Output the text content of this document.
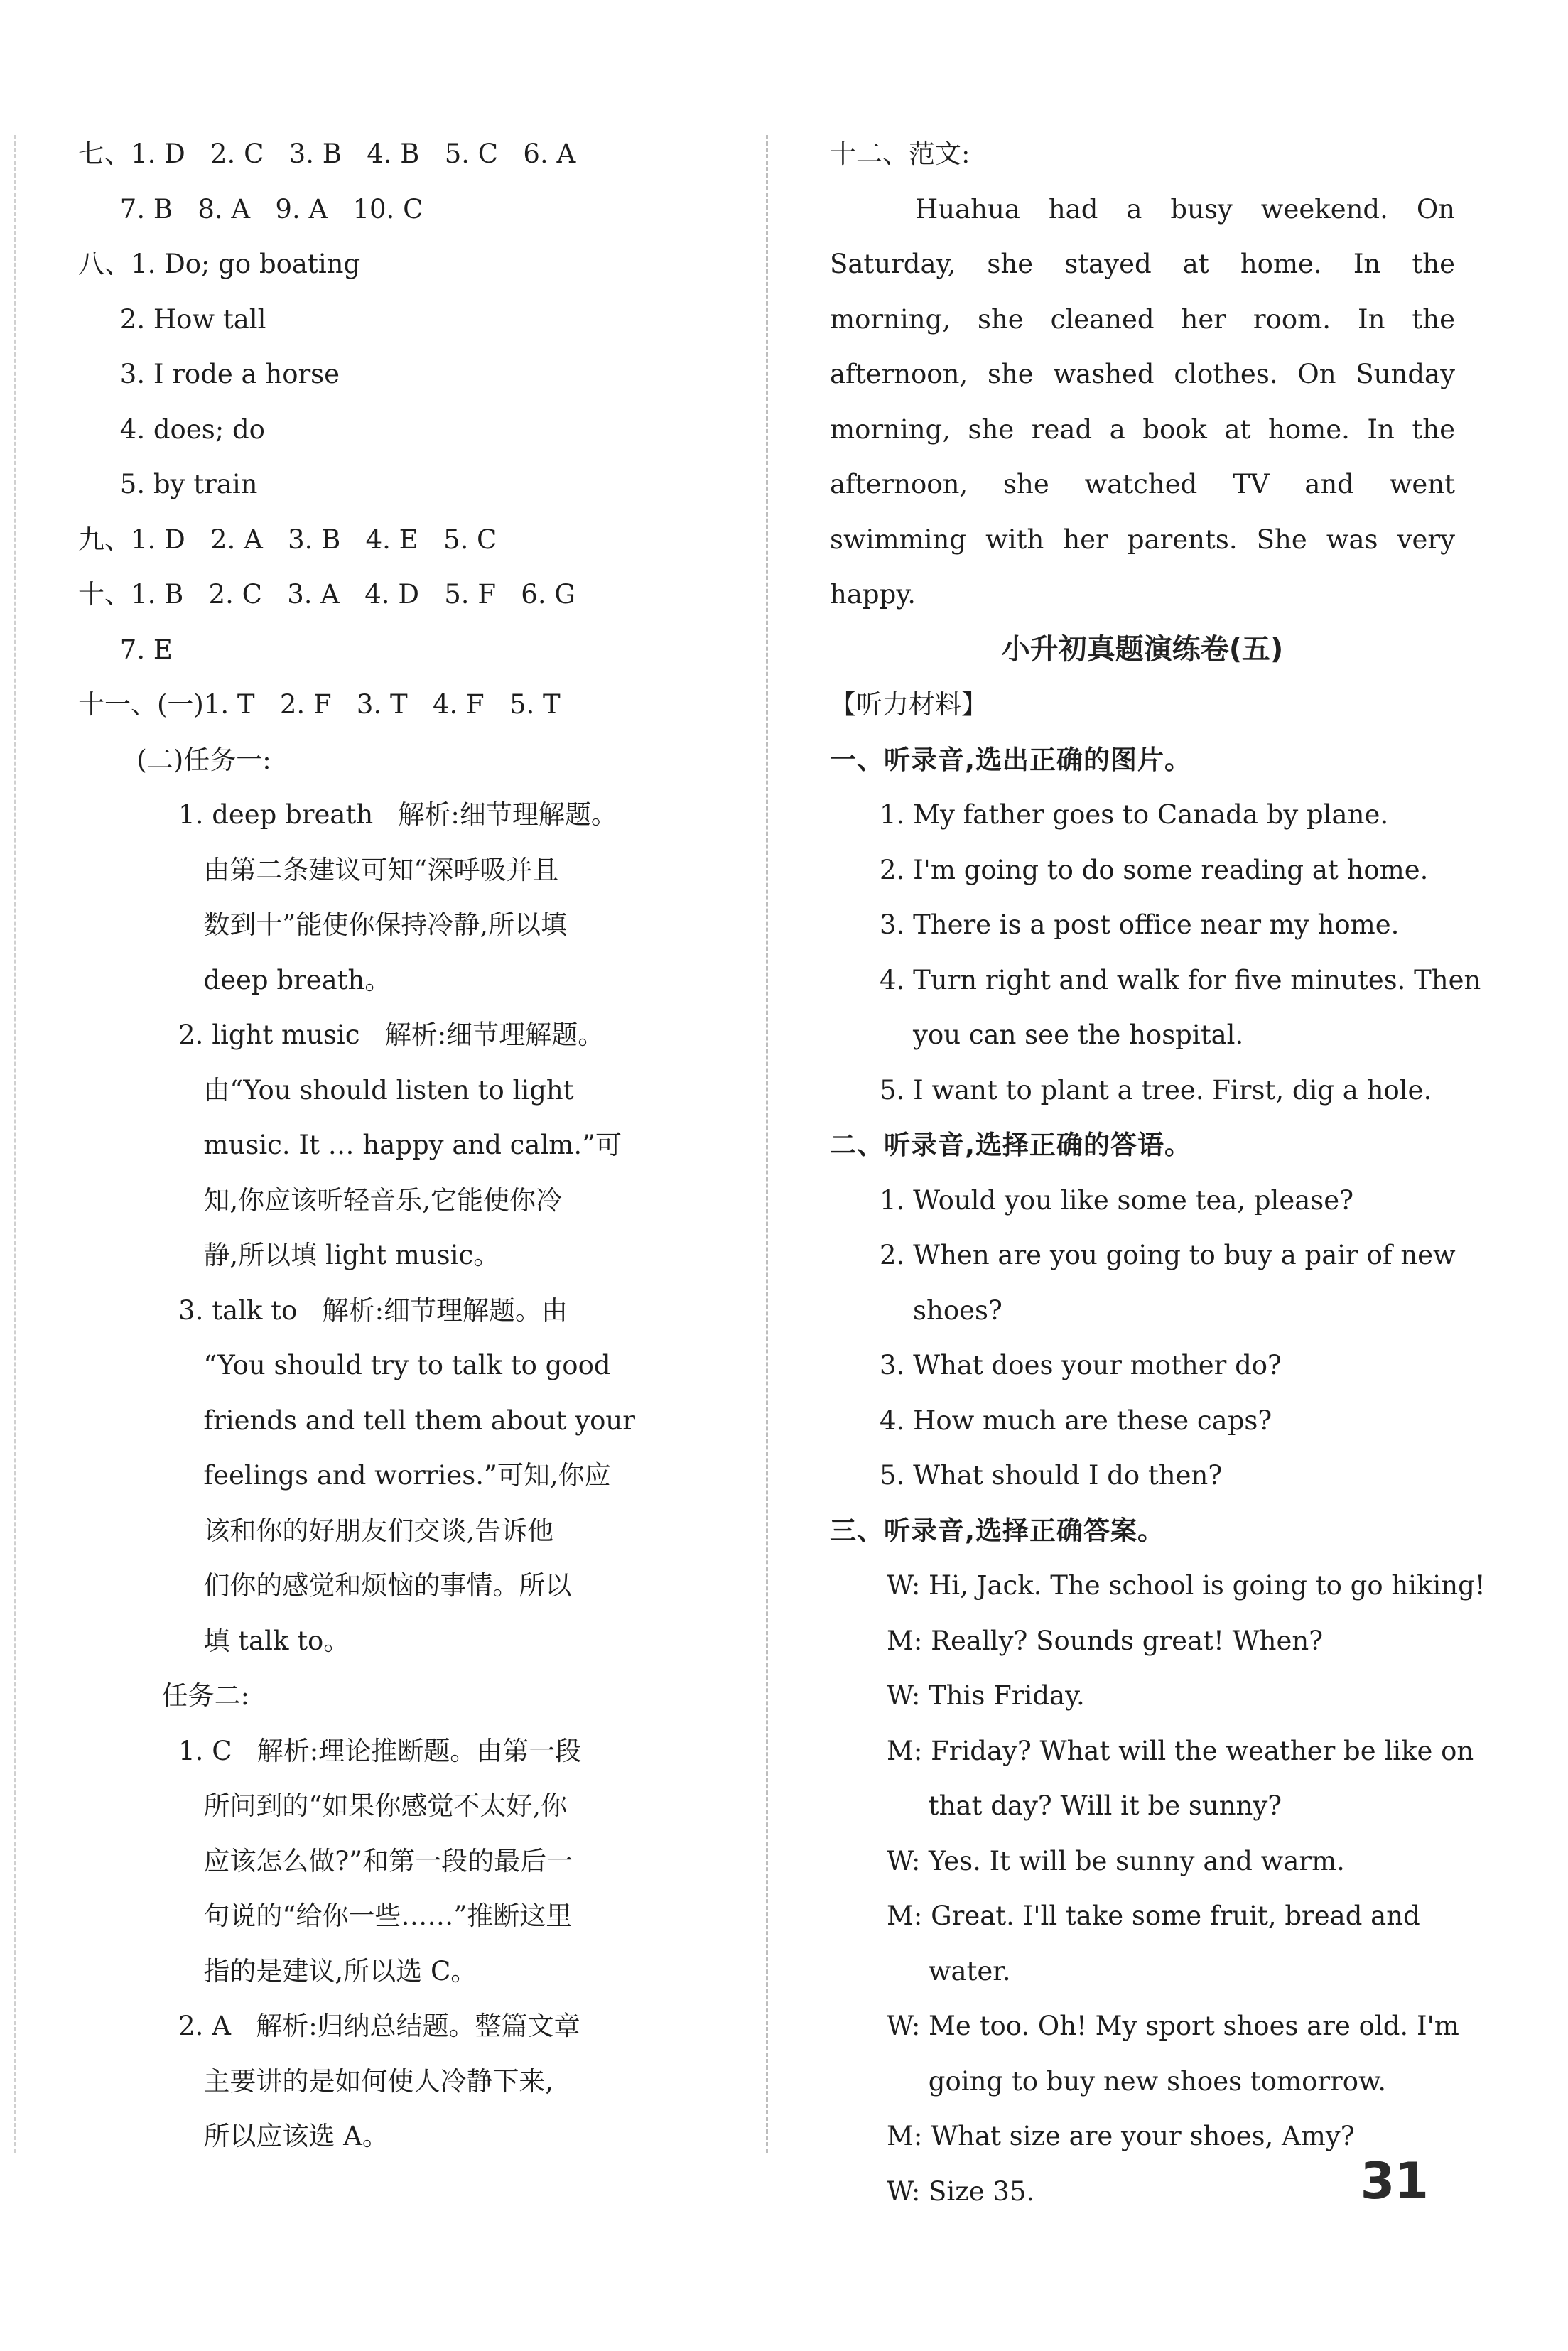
七、1. D   2. C   3. B   4. B   5. C   6. A
7. B   8. A   9. A   10. C
八、1. Do; go boating
2. How tall
3. I rode a horse
4. does; do
5. by train
九、1. D   2. A   3. B   4. E   5. C
十、1. B   2. C   3. A   4. D   5. F   6. G
7. E
十一、(一)1. T   2. F   3. T   4. F   5. T
(二)任务一:
1. deep breath   解析:细节理解题。
由第二条建议可知“深呼吸并且
数到十”能使你保持冷静,所以填
deep breath。
2. light music   解析:细节理解题。
由“You should listen to light
music. It … happy and calm.”可
知,你应该听轻音乐,它能使你冷
静,所以填 light music。
3. talk to   解析:细节理解题。由
“You should try to talk to good
friends and tell them about your
feelings and worries.”可知,你应
该和你的好朋友们交谈,告诉他
们你的感觉和烦恼的事情。所以
填 talk to。
任务二:
1. C   解析:理论推断题。由第一段
所问到的“如果你感觉不太好,你
应该怎么做?”和第一段的最后一
句说的“给你一些……”推断这里
指的是建议,所以选 C。
2. A   解析:归纳总结题。整篇文章
主要讲的是如何使人冷静下来,
所以应该选 A。
十二、范文:
Huahua had a busy weekend. On
Saturday, she stayed at home. In the
morning, she cleaned her room. In the
afternoon, she washed clothes. On Sunday
morning, she read a book at home. In the
afternoon, she watched TV and went
swimming with her parents. She was very
happy.
小升初真题演练卷(五)
【听力材料】
一、听录音,选出正确的图片。
1. My father goes to Canada by plane.
2. I'm going to do some reading at home.
3. There is a post office near my home.
4. Turn right and walk for five minutes. Then
you can see the hospital.
5. I want to plant a tree. First, dig a hole.
二、听录音,选择正确的答语。
1. Would you like some tea, please?
2. When are you going to buy a pair of new
shoes?
3. What does your mother do?
4. How much are these caps?
5. What should I do then?
三、听录音,选择正确答案。
W: Hi, Jack. The school is going to go hiking!
M: Really? Sounds great! When?
W: This Friday.
M: Friday? What will the weather be like on
that day? Will it be sunny?
W: Yes. It will be sunny and warm.
M: Great. I'll take some fruit, bread and
water.
W: Me too. Oh! My sport shoes are old. I'm
going to buy new shoes tomorrow.
M: What size are your shoes, Amy?
W: Size 35.	31
